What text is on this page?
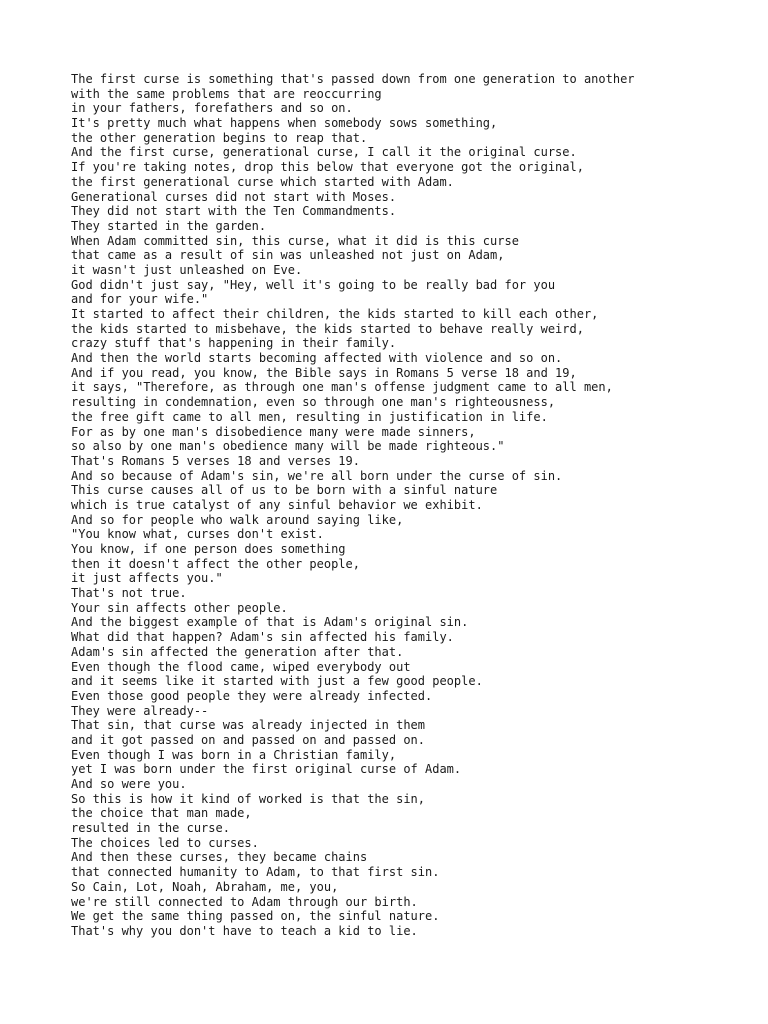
The first curse is something that's passed down from one generation to another

with the same problems that are reoccurring

in your fathers, forefathers and so on.

It's pretty much what happens when somebody sows something,

the other generation begins to reap that.

And the first curse, generational curse, I call it the original curse.

If you're taking notes, drop this below that everyone got the original,

the first generational curse which started with Adam.

Generational curses did not start with Moses.

They did not start with the Ten Commandments.

They started in the garden.

When Adam committed sin, this curse, what it did is this curse

that came as a result of sin was unleashed not just on Adam,

it wasn't just unleashed on Eve.

God didn't just say, "Hey, well it's going to be really bad for you

and for your wife."

It started to affect their children, the kids started to kill each other,

the kids started to misbehave, the kids started to behave really weird,

crazy stuff that's happening in their family.

And then the world starts becoming affected with violence and so on.

And if you read, you know, the Bible says in Romans 5 verse 18 and 19,

it says, "Therefore, as through one man's offense judgment came to all men,

resulting in condemnation, even so through one man's righteousness,

the free gift came to all men, resulting in justification in life.

For as by one man's disobedience many were made sinners,

so also by one man's obedience many will be made righteous."

That's Romans 5 verses 18 and verses 19.

And so because of Adam's sin, we're all born under the curse of sin.

This curse causes all of us to be born with a sinful nature

which is true catalyst of any sinful behavior we exhibit.

And so for people who walk around saying like,

"You know what, curses don't exist.

You know, if one person does something

then it doesn't affect the other people,

it just affects you."

That's not true.

Your sin affects other people.

And the biggest example of that is Adam's original sin.

What did that happen? Adam's sin affected his family.

Adam's sin affected the generation after that.

Even though the flood came, wiped everybody out

and it seems like it started with just a few good people.

Even those good people they were already infected.

They were already--

That sin, that curse was already injected in them

and it got passed on and passed on and passed on.

Even though I was born in a Christian family,

yet I was born under the first original curse of Adam.

And so were you.

So this is how it kind of worked is that the sin,

the choice that man made,

resulted in the curse.

The choices led to curses.

And then these curses, they became chains

that connected humanity to Adam, to that first sin.

So Cain, Lot, Noah, Abraham, me, you,

we're still connected to Adam through our birth.

We get the same thing passed on, the sinful nature.

That's why you don't have to teach a kid to lie.
